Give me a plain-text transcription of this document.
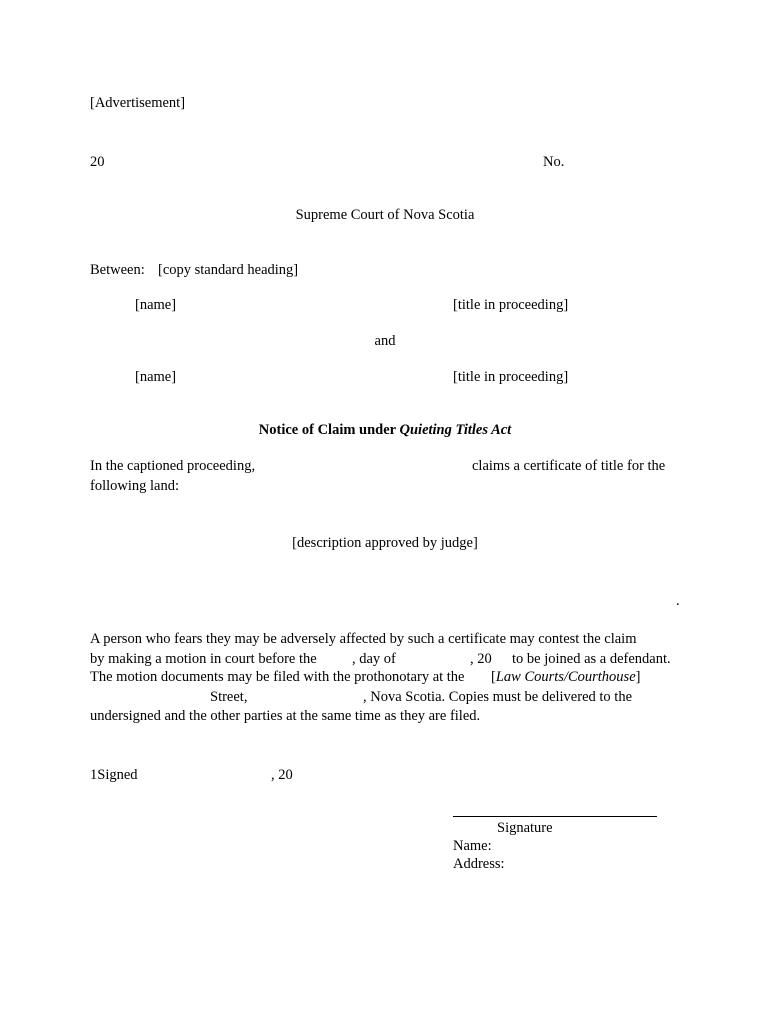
[Advertisement]
20	No.
Supreme Court of Nova Scotia
Between: [copy standard heading]
[name]	[title in proceeding]
and
[name]	[title in proceeding]
Notice of Claim under Quieting Titles Act
In the captioned proceeding,	claims a certificate of title for the
following land:
[description approved by judge]
.
A person who fears they may be adversely affected by such a certificate may contest the claim
by making a motion in court before the , day of	, 20 to be joined as a defendant.
The motion documents may be filed with the prothonotary at the [Law Courts/Courthouse]
Street,	, Nova Scotia. Copies must be delivered to the
undersigned and the other parties at the same time as they are filed.
1Signed	, 20
Signature
Name:
Address:
